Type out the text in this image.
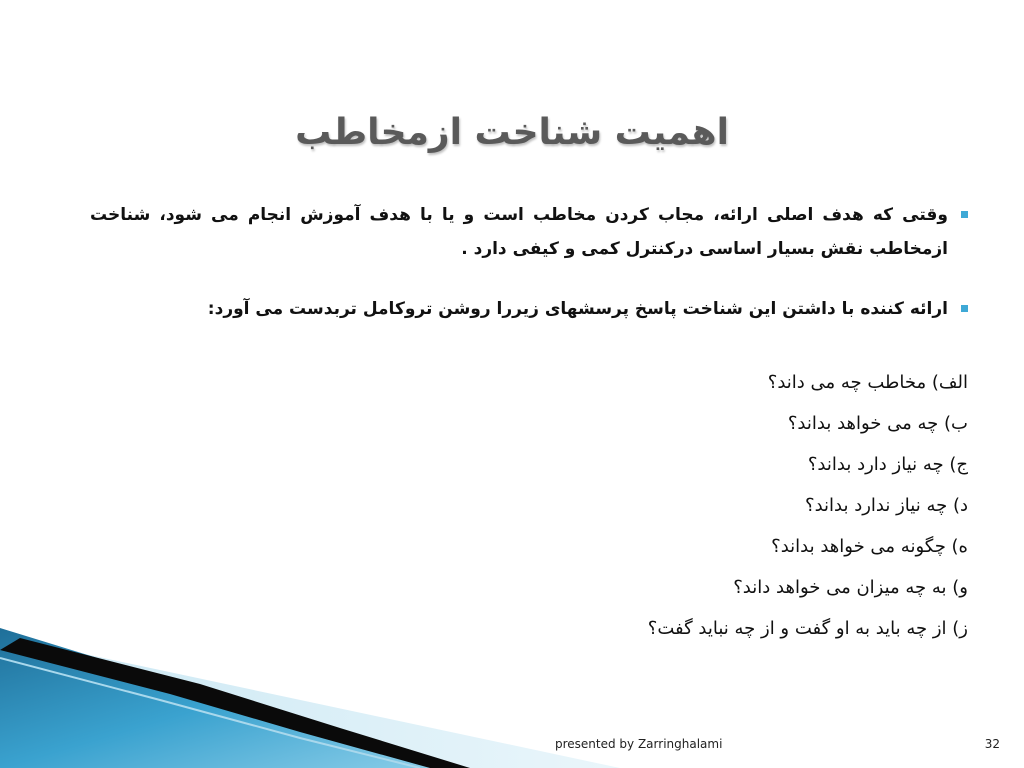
اهمیت شناخت ازمخاطب
وقتی که هدف اصلی ارائه، مجاب کردن مخاطب است و یا با هدف آموزش انجام می شود، شناخت ازمخاطب نقش بسیار اساسی درکنترل کمی و کیفی دارد .
ارائه کننده با داشتن این شناخت پاسخ پرسشهای زیررا روشن تروکامل تربدست می آورد:
الف) مخاطب چه می داند؟
ب) چه می خواهد بداند؟
ج) چه نیاز دارد بداند؟
د) چه نیاز ندارد بداند؟
ه) چگونه می خواهد بداند؟
و) به چه میزان می خواهد داند؟
ز) از چه باید به او گفت و از چه نباید گفت؟
presented by Zarringhalami	32
